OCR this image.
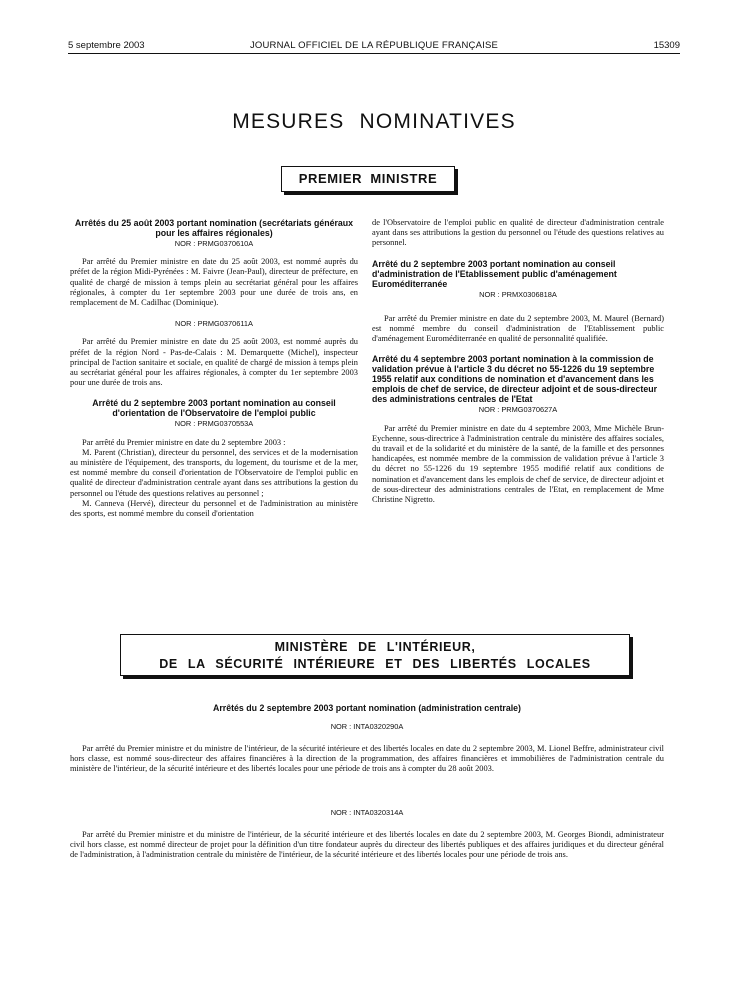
5 septembre 2003	JOURNAL OFFICIEL DE LA RÉPUBLIQUE FRANÇAISE	15309
MESURES NOMINATIVES
PREMIER MINISTRE
Arrêtés du 25 août 2003 portant nomination (secrétariats généraux pour les affaires régionales)
NOR : PRMG0370610A

Par arrêté du Premier ministre en date du 25 août 2003, est nommé auprès du préfet de la région Midi-Pyrénées : M. Faivre (Jean-Paul), directeur de préfecture, en qualité de chargé de mission à temps plein au secrétariat général pour les affaires régionales, à compter du 1er septembre 2003 pour une durée de trois ans, en remplacement de M. Cadilhac (Dominique).

NOR : PRMG0370611A

Par arrêté du Premier ministre en date du 25 août 2003, est nommé auprès du préfet de la région Nord - Pas-de-Calais : M. Demarquette (Michel), inspecteur principal de l'action sanitaire et sociale, en qualité de chargé de mission à temps plein au secrétariat général pour les affaires régionales, à compter du 1er septembre 2003 pour une durée de trois ans.

Arrêté du 2 septembre 2003 portant nomination au conseil d'orientation de l'Observatoire de l'emploi public
NOR : PRMG0370553A

Par arrêté du Premier ministre en date du 2 septembre 2003 :

M. Parent (Christian), directeur du personnel, des services et de la modernisation au ministère de l'équipement, des transports, du logement, du tourisme et de la mer, est nommé membre du conseil d'orientation de l'Observatoire de l'emploi public en qualité de directeur d'administration centrale ayant dans ses attributions la gestion du personnel ou l'étude des questions relatives au personnel ;

M. Canneva (Hervé), directeur du personnel et de l'administration au ministère des sports, est nommé membre du conseil d'orientation

de l'Observatoire de l'emploi public en qualité de directeur d'administration centrale ayant dans ses attributions la gestion du personnel ou l'étude des questions relatives au personnel.

Arrêté du 2 septembre 2003 portant nomination au conseil d'administration de l'Etablissement public d'aménagement Euroméditerranée
NOR : PRMX0306818A

Par arrêté du Premier ministre en date du 2 septembre 2003, M. Maurel (Bernard) est nommé membre du conseil d'administration de l'Etablissement public d'aménagement Euroméditerranée en qualité de personnalité qualifiée.

Arrêté du 4 septembre 2003 portant nomination à la commission de validation prévue à l'article 3 du décret no 55-1226 du 19 septembre 1955 relatif aux conditions de nomination et d'avancement dans les emplois de chef de service, de directeur adjoint et de sous-directeur des administrations centrales de l'Etat
NOR : PRMG0370627A

Par arrêté du Premier ministre en date du 4 septembre 2003, Mme Michèle Brun-Eychenne, sous-directrice à l'administration centrale du ministère des affaires sociales, du travail et de la solidarité et du ministère de la santé, de la famille et des personnes handicapées, est nommée membre de la commission de validation prévue à l'article 3 du décret no 55-1226 du 19 septembre 1955 modifié relatif aux conditions de nomination et d'avancement dans les emplois de chef de service, de directeur adjoint et de sous-directeur des administrations centrales de l'Etat, en remplacement de Mme Christine Nigretto.

MINISTÈRE DE L'INTÉRIEUR,
DE LA SÉCURITÉ INTÉRIEURE ET DES LIBERTÉS LOCALES
Arrêtés du 2 septembre 2003 portant nomination (administration centrale)
NOR : INTA0320290A

Par arrêté du Premier ministre et du ministre de l'intérieur, de la sécurité intérieure et des libertés locales en date du 2 septembre 2003, M. Lionel Beffre, administrateur civil hors classe, est nommé sous-directeur des affaires financières à la direction de la programmation, des affaires financières et immobilières de l'administration centrale du ministère de l'intérieur, de la sécurité intérieure et des libertés locales pour une période de trois ans à compter du 28 août 2003.

NOR : INTA0320314A

Par arrêté du Premier ministre et du ministre de l'intérieur, de la sécurité intérieure et des libertés locales en date du 2 septembre 2003, M. Georges Biondi, administrateur civil hors classe, est nommé directeur de projet pour la définition d'un titre fondateur auprès du directeur des libertés publiques et des affaires juridiques et du directeur général de l'administration, à l'administration centrale du ministère de l'intérieur, de la sécurité intérieure et des libertés locales pour une période de trois ans.
